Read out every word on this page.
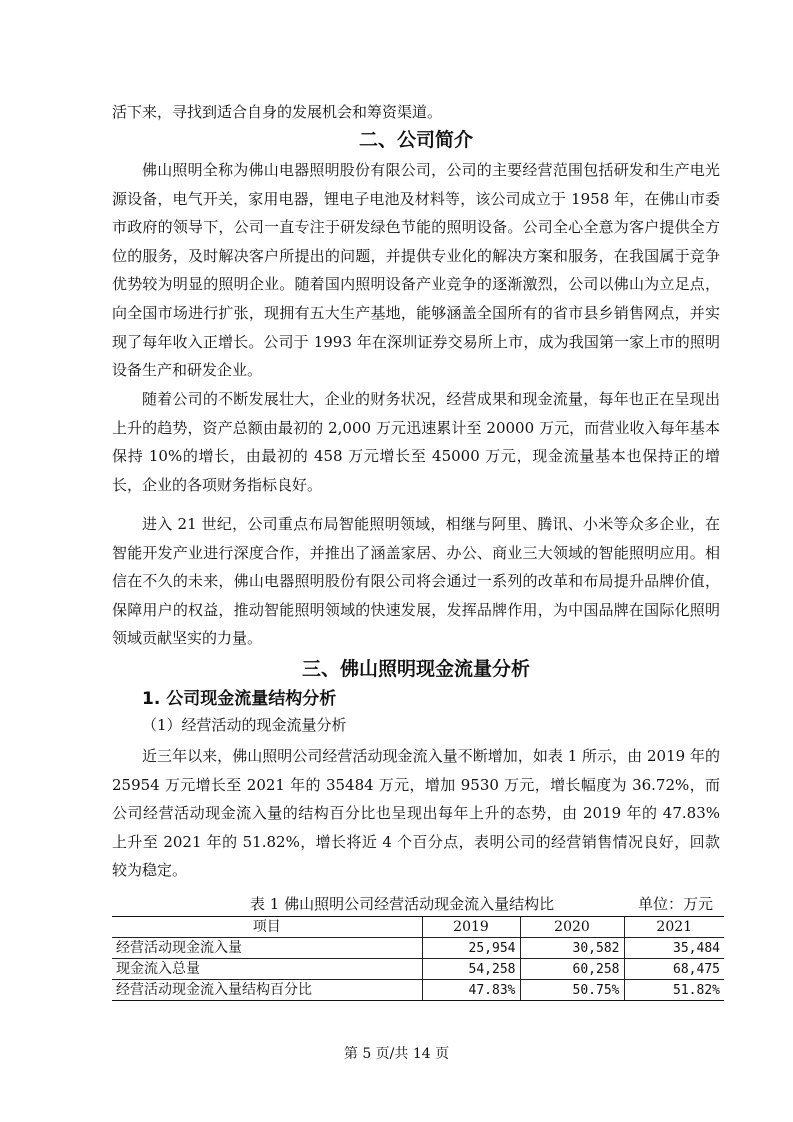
活下来，寻找到适合自身的发展机会和筹资渠道。
二、公司简介
佛山照明全称为佛山电器照明股份有限公司，公司的主要经营范围包括研发和生产电光源设备，电气开关，家用电器，锂电子电池及材料等，该公司成立于 1958 年，在佛山市委市政府的领导下，公司一直专注于研发绿色节能的照明设备。公司全心全意为客户提供全方位的服务，及时解决客户所提出的问题，并提供专业化的解决方案和服务，在我国属于竞争优势较为明显的照明企业。随着国内照明设备产业竞争的逐渐激烈，公司以佛山为立足点，向全国市场进行扩张，现拥有五大生产基地，能够涵盖全国所有的省市县乡销售网点，并实现了每年收入正增长。公司于 1993 年在深圳证券交易所上市，成为我国第一家上市的照明设备生产和研发企业。
随着公司的不断发展壮大，企业的财务状况，经营成果和现金流量，每年也正在呈现出上升的趋势，资产总额由最初的 2,000 万元迅速累计至 20000 万元，而营业收入每年基本保持 10%的增长，由最初的 458 万元增长至 45000 万元，现金流量基本也保持正的增长，企业的各项财务指标良好。
进入 21 世纪，公司重点布局智能照明领域，相继与阿里、腾讯、小米等众多企业，在智能开发产业进行深度合作，并推出了涵盖家居、办公、商业三大领域的智能照明应用。相信在不久的未来，佛山电器照明股份有限公司将会通过一系列的改革和布局提升品牌价值，保障用户的权益，推动智能照明领域的快速发展，发挥品牌作用，为中国品牌在国际化照明领域贡献坚实的力量。
三、佛山照明现金流量分析
1. 公司现金流量结构分析
（1）经营活动的现金流量分析
近三年以来，佛山照明公司经营活动现金流入量不断增加，如表 1 所示，由 2019 年的 25954 万元增长至 2021 年的 35484 万元，增加 9530 万元，增长幅度为 36.72%，而公司经营活动现金流入量的结构百分比也呈现出每年上升的态势，由 2019 年的 47.83% 上升至 2021 年的 51.82%，增长将近 4 个百分点，表明公司的经营销售情况良好，回款较为稳定。
表 1 佛山照明公司经营活动现金流入量结构比	单位：万元
项目	2019	2020	2021
经营活动现金流入量	25,954	30,582	35,484
现金流入总量	54,258	60,258	68,475
经营活动现金流入量结构百分比	47.83%	50.75%	51.82%
第 5 页/共 14 页
